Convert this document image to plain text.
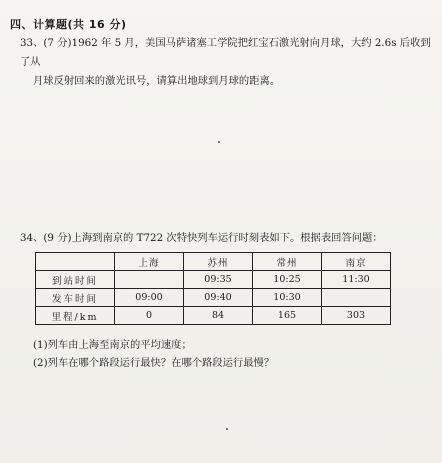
四、计算题(共 16 分)
33、(7 分)1962 年 5 月，美国马萨诸塞工学院把红宝石激光射向月球，大约 2.6s 后收到了从
月球反射回来的激光讯号，请算出地球到月球的距离。
34、(9 分)上海到南京的 T722 次特快列车运行时刻表如下。根据表回答问题：
	上海	苏州	常州	南京
到站时间		09:35	10:25	11:30
发车时间	09:00	09:40	10:30	
里程/km	0	84	165	303
(1)列车由上海至南京的平均速度；
(2)列车在哪个路段运行最快？在哪个路段运行最慢？
